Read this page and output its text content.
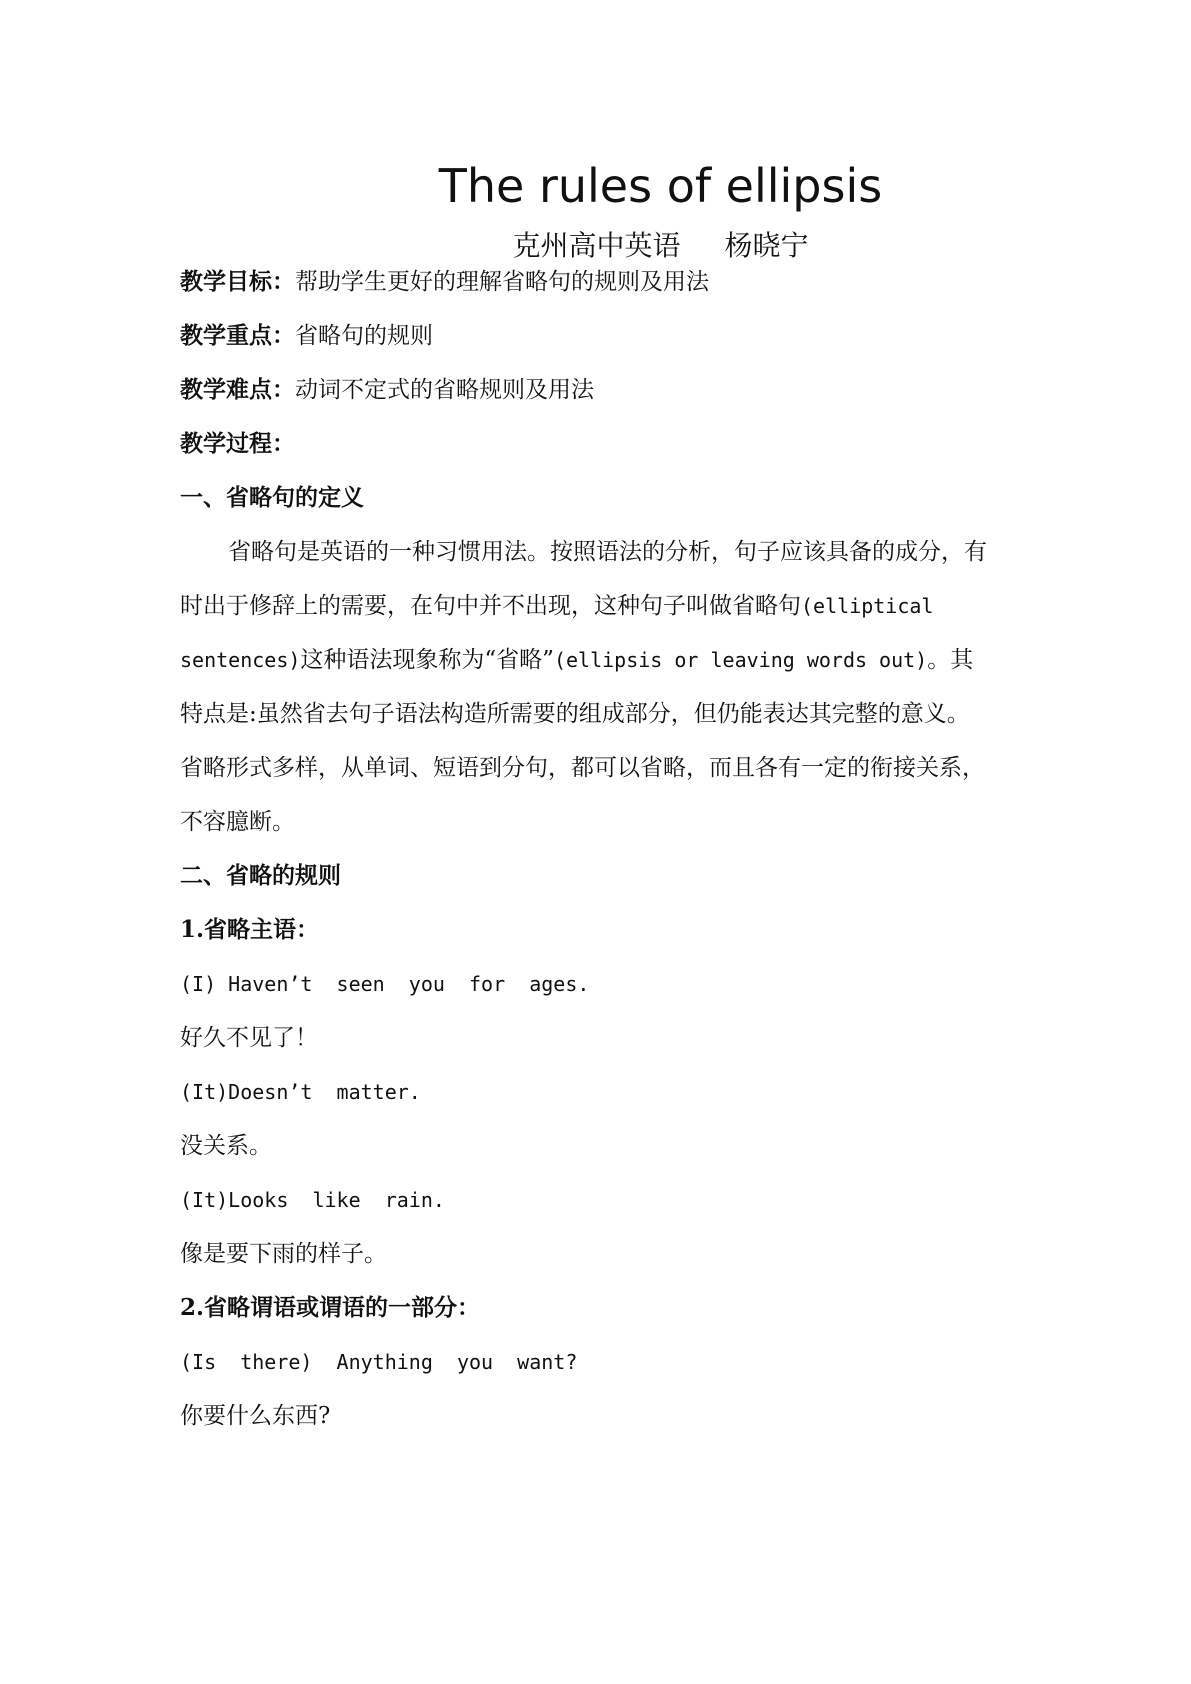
The rules of ellipsis
克州高中英语 杨晓宁
教学目标：帮助学生更好的理解省略句的规则及用法
教学重点：省略句的规则
教学难点：动词不定式的省略规则及用法
教学过程：
一、省略句的定义
省略句是英语的一种习惯用法。按照语法的分析，句子应该具备的成分，有
时出于修辞上的需要，在句中并不出现，这种句子叫做省略句(elliptical
sentences)这种语法现象称为“省略”(ellipsis or leaving words out)。其
特点是:虽然省去句子语法构造所需要的组成部分，但仍能表达其完整的意义。
省略形式多样，从单词、短语到分句，都可以省略，而且各有一定的衔接关系，
不容臆断。
二、省略的规则
1.省略主语：
(I) Haven’t  seen  you  for  ages.
好久不见了！
(It)Doesn’t  matter.
没关系。
(It)Looks  like  rain.
像是要下雨的样子。
2.省略谓语或谓语的一部分：
(Is  there)  Anything  you  want?
你要什么东西?
